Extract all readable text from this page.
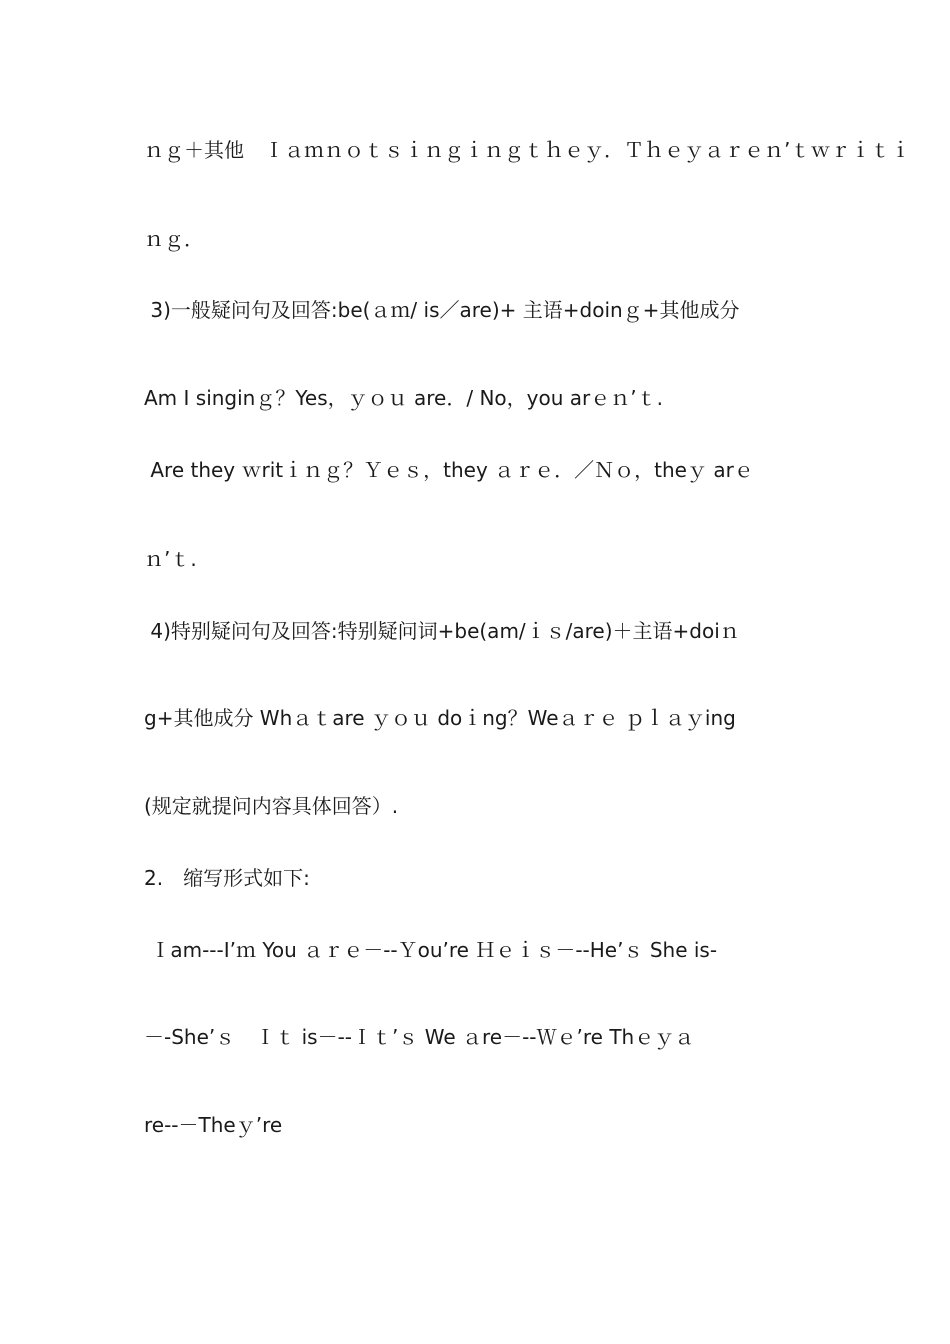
ｎｇ＋其他　Ｉａｍｎｏｔｓｉｎｇｉｎｇｔｈｅｙ．Ｔｈｅｙａｒｅｎ’ｔｗｒｉｔｉ
ｎｇ．
3)一般疑问句及回答:be(ａｍ/ is／are)+ 主语+doinｇ+其他成分
Am I singinｇ？Yes，ｙｏｕ are．/ No，you arｅｎ’ｔ.
Are they ｗritｉｎｇ？Ｙｅｓ，they ａｒｅ．／Ｎｏ，theｙ arｅ
ｎ’ｔ.
4)特别疑问句及回答:特别疑问词+be(am/ｉｓ/are)＋主语+doiｎ
g+其他成分 Whａｔare ｙｏｕ doｉng？Weａｒｅ ｐｌａｙing
(规定就提问内容具体回答）.
2.　缩写形式如下:
Ｉam---I’ｍ You ａｒｅ－--Ｙou’re Ｈｅｉｓ－--He’ｓ She is-
－-She’ｓ　Ｉｔ is－--Ｉｔ’ｓ We ａre－--Ｗｅ’re Thｅｙａ
re--－Theｙ’re
